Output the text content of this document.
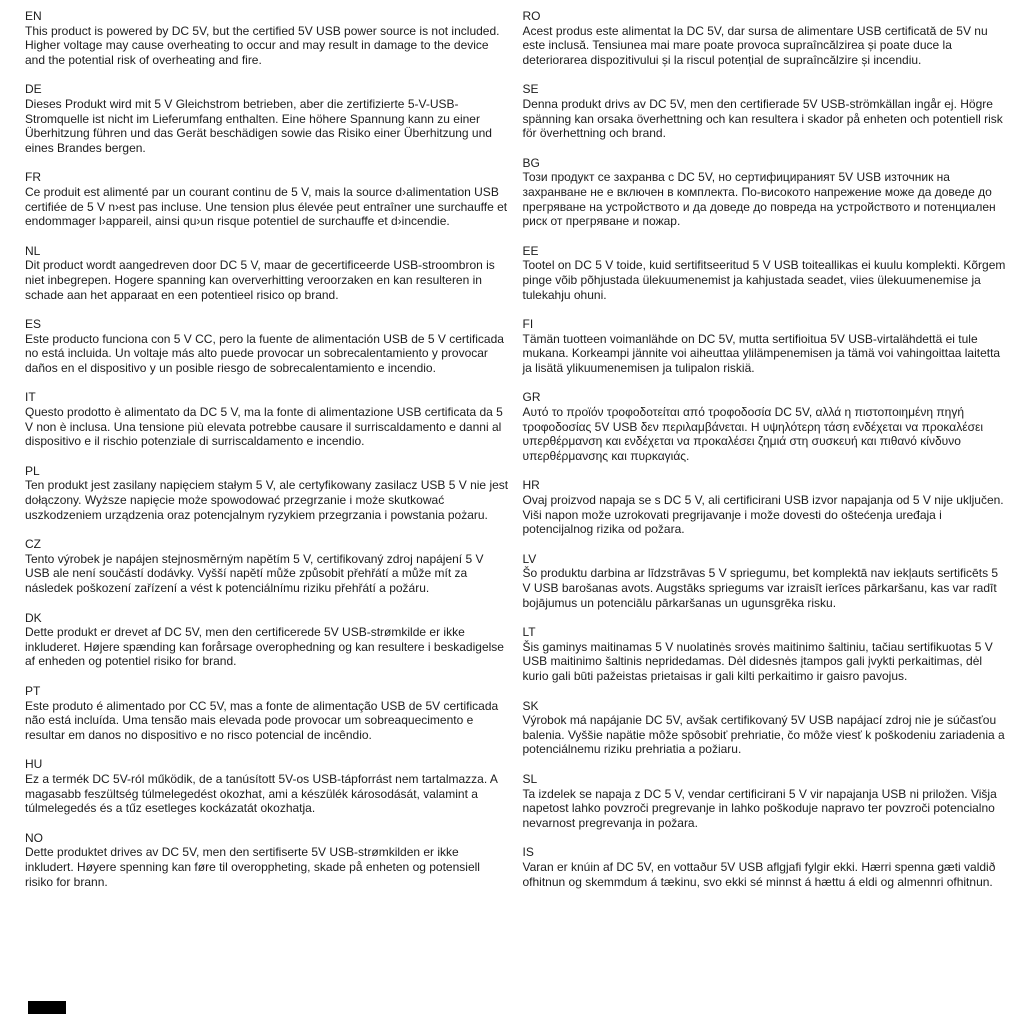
EN
This product is powered by DC 5V, but the certified 5V USB power source is not included. Higher voltage may cause overheating to occur and may result in damage to the device and the potential risk of overheating and fire.
DE
Dieses Produkt wird mit 5 V Gleichstrom betrieben, aber die zertifizierte 5-V-USB-Stromquelle ist nicht im Lieferumfang enthalten. Eine höhere Spannung kann zu einer Überhitzung führen und das Gerät beschädigen sowie das Risiko einer Überhitzung und eines Brandes bergen.
FR
Ce produit est alimenté par un courant continu de 5 V, mais la source d›alimentation USB certifiée de 5 V n›est pas incluse. Une tension plus élevée peut entraîner une surchauffe et endommager l›appareil, ainsi qu›un risque potentiel de surchauffe et d›incendie.
NL
Dit product wordt aangedreven door DC 5 V, maar de gecertificeerde USB-stroombron is niet inbegrepen. Hogere spanning kan oververhitting veroorzaken en kan resulteren in schade aan het apparaat en een potentieel risico op brand.
ES
Este producto funciona con 5 V CC, pero la fuente de alimentación USB de 5 V certificada no está incluida. Un voltaje más alto puede provocar un sobrecalentamiento y provocar daños en el dispositivo y un posible riesgo de sobrecalentamiento e incendio.
IT
Questo prodotto è alimentato da DC 5 V, ma la fonte di alimentazione USB certificata da 5 V non è inclusa. Una tensione più elevata potrebbe causare il surriscaldamento e danni al dispositivo e il rischio potenziale di surriscaldamento e incendio.
PL
Ten produkt jest zasilany napięciem stałym 5 V, ale certyfikowany zasilacz USB 5 V nie jest dołączony. Wyższe napięcie może spowodować przegrzanie i może skutkować uszkodzeniem urządzenia oraz potencjalnym ryzykiem przegrzania i powstania pożaru.
CZ
Tento výrobek je napájen stejnosměrným napětím 5 V, certifikovaný zdroj napájení 5 V USB ale není součástí dodávky. Vyšší napětí může způsobit přehřátí a může mít za následek poškození zařízení a vést k potenciálnímu riziku přehřátí a požáru.
DK
Dette produkt er drevet af DC 5V, men den certificerede 5V USB-strømkilde er ikke inkluderet. Højere spænding kan forårsage overophedning og kan resultere i beskadigelse af enheden og potentiel risiko for brand.
PT
Este produto é alimentado por CC 5V, mas a fonte de alimentação USB de 5V certificada não está incluída. Uma tensão mais elevada pode provocar um sobreaquecimento e resultar em danos no dispositivo e no risco potencial de incêndio.
HU
Ez a termék DC 5V-ról működik, de a tanúsított 5V-os USB-tápforrást nem tartalmazza. A magasabb feszültség túlmelegedést okozhat, ami a készülék károsodását, valamint a túlmelegedés és a tűz esetleges kockázatát okozhatja.
NO
Dette produktet drives av DC 5V, men den sertifiserte 5V USB-strømkilden er ikke inkludert. Høyere spenning kan føre til overoppheting, skade på enheten og potensiell risiko for brann.
RO
Acest produs este alimentat la DC 5V, dar sursa de alimentare USB certificată de 5V nu este inclusă. Tensiunea mai mare poate provoca supraîncălzirea și poate duce la deteriorarea dispozitivului și la riscul potențial de supraîncălzire și incendiu.
SE
Denna produkt drivs av DC 5V, men den certifierade 5V USB-strömkällan ingår ej. Högre spänning kan orsaka överhettning och kan resultera i skador på enheten och potentiell risk för överhettning och brand.
BG
Този продукт се захранва с DC 5V, но сертифицираният 5V USB източник на захранване не е включен в комплекта. По-високото напрежение може да доведе до прегряване на устройството и да доведе до повреда на устройството и потенциален риск от прегряване и пожар.
EE
Tootel on DC 5 V toide, kuid sertifitseeritud 5 V USB toiteallikas ei kuulu komplekti. Kõrgem pinge võib põhjustada ülekuumenemist ja kahjustada seadet, viies ülekuumenemise ja tulekahju ohuni.
FI
Tämän tuotteen voimanlähde on DC 5V, mutta sertifioitua 5V USB-virtalähdettä ei tule mukana. Korkeampi jännite voi aiheuttaa ylilämpenemisen ja tämä voi vahingoittaa laitetta ja lisätä ylikuumenemisen ja tulipalon riskiä.
GR
Αυτό το προϊόν τροφοδοτείται από τροφοδοσία DC 5V, αλλά η πιστοποιημένη πηγή τροφοδοσίας 5V USB δεν περιλαμβάνεται. Η υψηλότερη τάση ενδέχεται να προκαλέσει υπερθέρμανση και ενδέχεται να προκαλέσει ζημιά στη συσκευή και πιθανό κίνδυνο υπερθέρμανσης και πυρκαγιάς.
HR
Ovaj proizvod napaja se s DC 5 V, ali certificirani USB izvor napajanja od 5 V nije uključen. Viši napon može uzrokovati pregrijavanje i može dovesti do oštećenja uređaja i potencijalnog rizika od požara.
LV
Šo produktu darbina ar līdzstrāvas 5 V spriegumu, bet komplektā nav iekļauts sertificēts 5 V USB barošanas avots. Augstāks spriegums var izraisīt ierīces pārkaršanu, kas var radīt bojājumus un potenciālu pārkaršanas un ugunsgrēka risku.
LT
Šis gaminys maitinamas 5 V nuolatinės srovės maitinimo šaltiniu, tačiau sertifikuotas 5 V USB maitinimo šaltinis nepridedamas. Dėl didesnės įtampos gali įvykti perkaitimas, dėl kurio gali būti pažeistas prietaisas ir gali kilti perkaitimo ir gaisro pavojus.
SK
Výrobok má napájanie DC 5V, avšak certifikovaný 5V USB napájací zdroj nie je súčasťou balenia. Vyššie napätie môže spôsobiť prehriatie, čo môže viesť k poškodeniu zariadenia a potenciálnemu riziku prehriatia a požiaru.
SL
Ta izdelek se napaja z DC 5 V, vendar certificirani 5 V vir napajanja USB ni priložen. Višja napetost lahko povzroči pregrevanje in lahko poškoduje napravo ter povzroči potencialno nevarnost pregrevanja in požara.
IS
Varan er knúin af DC 5V, en vottaður 5V USB aflgjafi fylgir ekki. Hærri spenna gæti valdið ofhitnun og skemmdum á tækinu, svo ekki sé minnst á hættu á eldi og almennri ofhitnun.
